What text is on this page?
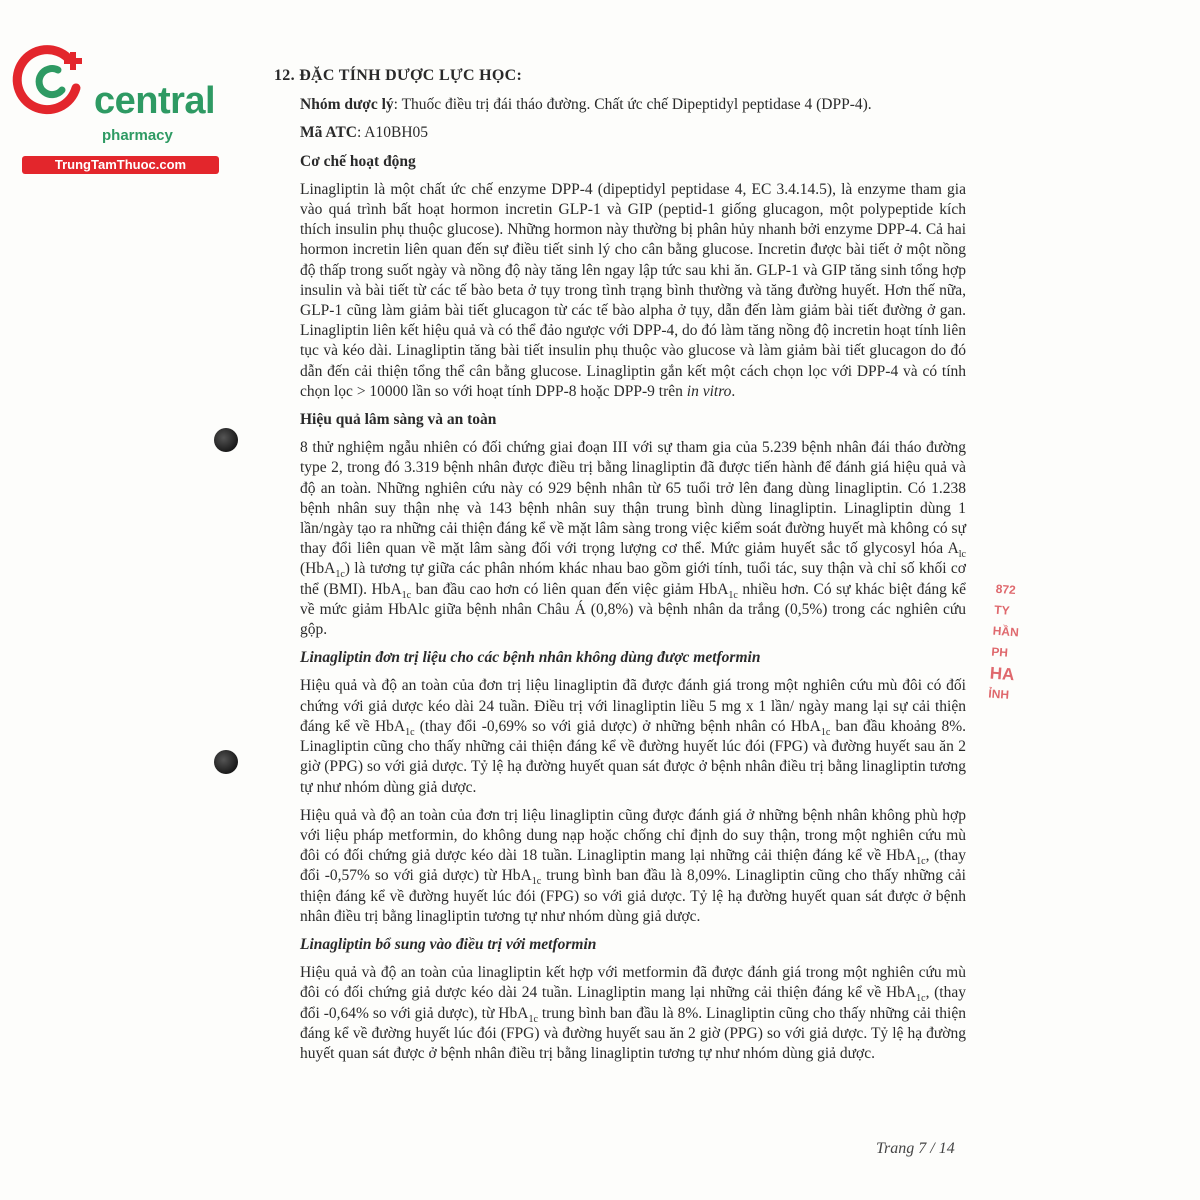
central
pharmacy
TrungTamThuoc.com
872
TY
HẦN
PH
HA
ỈNH
12. ĐẶC TÍNH DƯỢC LỰC HỌC:

Nhóm dược lý: Thuốc điều trị đái tháo đường. Chất ức chế Dipeptidyl peptidase 4 (DPP-4).

Mã ATC: A10BH05

Cơ chế hoạt động

Linagliptin là một chất ức chế enzyme DPP-4 (dipeptidyl peptidase 4, EC 3.4.14.5), là enzyme tham gia vào quá trình bất hoạt hormon incretin GLP-1 và GIP (peptid-1 giống glucagon, một polypeptide kích thích insulin phụ thuộc glucose). Những hormon này thường bị phân hủy nhanh bởi enzyme DPP-4. Cả hai hormon incretin liên quan đến sự điều tiết sinh lý cho cân bằng glucose. Incretin được bài tiết ở một nồng độ thấp trong suốt ngày và nồng độ này tăng lên ngay lập tức sau khi ăn. GLP-1 và GIP tăng sinh tổng hợp insulin và bài tiết từ các tế bào beta ở tụy trong tình trạng bình thường và tăng đường huyết. Hơn thế nữa, GLP-1 cũng làm giảm bài tiết glucagon từ các tế bào alpha ở tụy, dẫn đến làm giảm bài tiết đường ở gan. Linagliptin liên kết hiệu quả và có thể đảo ngược với DPP-4, do đó làm tăng nồng độ incretin hoạt tính liên tục và kéo dài. Linagliptin tăng bài tiết insulin phụ thuộc vào glucose và làm giảm bài tiết glucagon do đó dẫn đến cải thiện tổng thể cân bằng glucose. Linagliptin gắn kết một cách chọn lọc với DPP-4 và có tính chọn lọc > 10000 lần so với hoạt tính DPP-8 hoặc DPP-9 trên in vitro.

Hiệu quả lâm sàng và an toàn

8 thử nghiệm ngẫu nhiên có đối chứng giai đoạn III với sự tham gia của 5.239 bệnh nhân đái tháo đường type 2, trong đó 3.319 bệnh nhân được điều trị bằng linagliptin đã được tiến hành để đánh giá hiệu quả và độ an toàn. Những nghiên cứu này có 929 bệnh nhân từ 65 tuổi trở lên đang dùng linagliptin. Có 1.238 bệnh nhân suy thận nhẹ và 143 bệnh nhân suy thận trung bình dùng linagliptin. Linagliptin dùng 1 lần/ngày tạo ra những cải thiện đáng kể về mặt lâm sàng trong việc kiểm soát đường huyết mà không có sự thay đổi liên quan về mặt lâm sàng đối với trọng lượng cơ thể. Mức giảm huyết sắc tố glycosyl hóa $A_{lc}$ (HbA$_{1c}$) là tương tự giữa các phân nhóm khác nhau bao gồm giới tính, tuổi tác, suy thận và chỉ số khối cơ thể (BMI). HbA$_{1c}$ ban đầu cao hơn có liên quan đến việc giảm HbA$_{1c}$ nhiều hơn. Có sự khác biệt đáng kể về mức giảm HbAlc giữa bệnh nhân Châu Á (0,8%) và bệnh nhân da trắng (0,5%) trong các nghiên cứu gộp.

Linagliptin đơn trị liệu cho các bệnh nhân không dùng được metformin

Hiệu quả và độ an toàn của đơn trị liệu linagliptin đã được đánh giá trong một nghiên cứu mù đôi có đối chứng với giả dược kéo dài 24 tuần. Điều trị với linagliptin liều 5 mg x 1 lần/ ngày mang lại sự cải thiện đáng kể về HbA$_{1c}$ (thay đổi -0,69% so với giả dược) ở những bệnh nhân có HbA$_{1c}$ ban đầu khoảng 8%. Linagliptin cũng cho thấy những cải thiện đáng kể về đường huyết lúc đói (FPG) và đường huyết sau ăn 2 giờ (PPG) so với giả dược. Tỷ lệ hạ đường huyết quan sát được ở bệnh nhân điều trị bằng linagliptin tương tự như nhóm dùng giả dược.

Hiệu quả và độ an toàn của đơn trị liệu linagliptin cũng được đánh giá ở những bệnh nhân không phù hợp với liệu pháp metformin, do không dung nạp hoặc chống chỉ định do suy thận, trong một nghiên cứu mù đôi có đối chứng giả dược kéo dài 18 tuần. Linagliptin mang lại những cải thiện đáng kể về HbA$_{1c}$, (thay đổi -0,57% so với giả dược) từ HbA$_{1c}$ trung bình ban đầu là 8,09%. Linagliptin cũng cho thấy những cải thiện đáng kể về đường huyết lúc đói (FPG) so với giả dược. Tỷ lệ hạ đường huyết quan sát được ở bệnh nhân điều trị bằng linagliptin tương tự như nhóm dùng giả dược.

Linagliptin bổ sung vào điều trị với metformin

Hiệu quả và độ an toàn của linagliptin kết hợp với metformin đã được đánh giá trong một nghiên cứu mù đôi có đối chứng giả dược kéo dài 24 tuần. Linagliptin mang lại những cải thiện đáng kể về HbA$_{1c}$, (thay đổi -0,64% so với giả dược), từ HbA$_{1c}$ trung bình ban đầu là 8%. Linagliptin cũng cho thấy những cải thiện đáng kể về đường huyết lúc đói (FPG) và đường huyết sau ăn 2 giờ (PPG) so với giả dược. Tỷ lệ hạ đường huyết quan sát được ở bệnh nhân điều trị bằng linagliptin tương tự như nhóm dùng giả dược.

Trang 7 / 14
